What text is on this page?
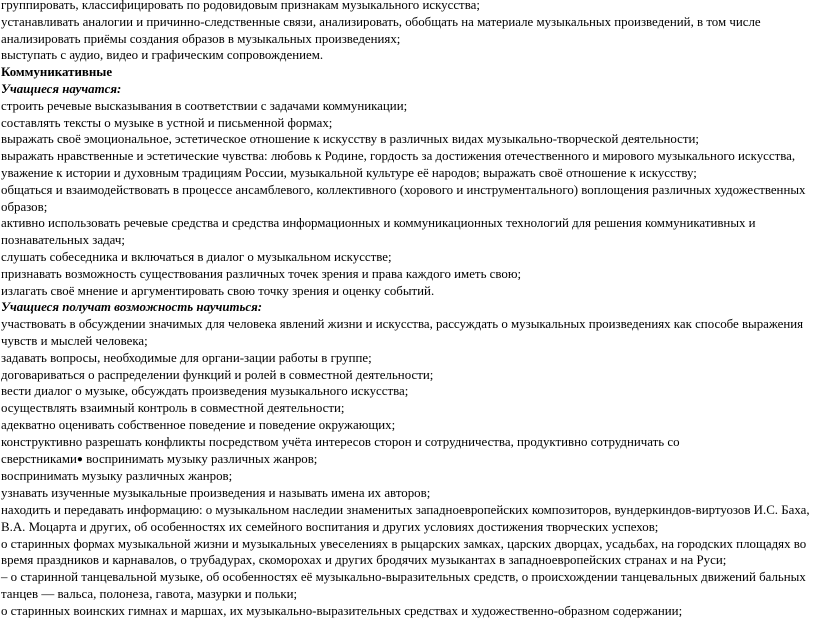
группировать, классифицировать по родовидовым признакам музыкального искусства;

устанавливать аналогии и причинно-следственные связи, анализировать, обобщать на материале музыкальных произведений, в том числе анализировать приёмы создания образов в музыкальных произведениях;

выступать с аудио, видео и графическим сопровождением.

Коммуникативные

Учащиеся научатся:

строить речевые высказывания в соответствии с задачами коммуникации;

составлять тексты о музыке в устной и письменной формах;

выражать своё эмоциональное, эстетическое отношение к искусству в различных видах музыкально-творческой деятельности;

выражать нравственные и эстетические чувства: любовь к Родине, гордость за достижения отечественного и мирового музыкального искусства, уважение к истории и духовным традициям России, музыкальной культуре её народов; выражать своё отношение к искусству;

общаться и взаимодействовать в процессе ансамблевого, коллективного (хорового и инструментального) воплощения различных художественных образов;

активно использовать речевые средства и средства информационных и коммуникационных технологий для решения коммуникативных и познавательных задач;

слушать собеседника и включаться в диалог о музыкальном искусстве;

признавать возможность существования различных точек зрения и права каждого иметь свою;

излагать своё мнение и аргументировать свою точку зрения и оценку событий.

Учащиеся получат возможность научиться:

участвовать в обсуждении значимых для человека явлений жизни и искусства, рассуждать о музыкальных произведениях как способе выражения чувств и мыслей человека;

задавать вопросы, необходимые для органи-зации работы в группе;

договариваться о распределении функций и ролей в совместной деятельности;

вести диалог о музыке, обсуждать произведения музыкального искусства;

осуществлять взаимный контроль в совместной деятельности;

адекватно оценивать собственное поведение и поведение окружающих;

конструктивно разрешать конфликты посредством учёта интересов сторон и сотрудничества, продуктивно сотрудничать со

сверстниками● воспринимать музыку различных жанров;

воспринимать музыку различных жанров;

узнавать изученные музыкальные произведения и называть имена их авторов;

находить и передавать информацию: о музыкальном наследии знаменитых западноевропейских композиторов, вундеркиндов-виртуозов И.С. Баха, В.А. Моцарта и других, об особенностях их семейного воспитания и других условиях достижения творческих успехов;

о старинных формах музыкальной жизни и музыкальных увеселениях в рыцарских замках, царских дворцах, усадьбах, на городских площадях во время праздников и карнавалов, о трубадурах, скоморохах и других бродячих музыкантах в западноевропейских странах и на Руси;

– о старинной танцевальной музыке, об особенностях её музыкально-выразительных средств, о происхождении танцевальных движений бальных танцев — вальса, полонеза, гавота, мазурки и польки;

о старинных воинских гимнах и маршах, их музыкально-выразительных средствах и художественно-образном содержании;
